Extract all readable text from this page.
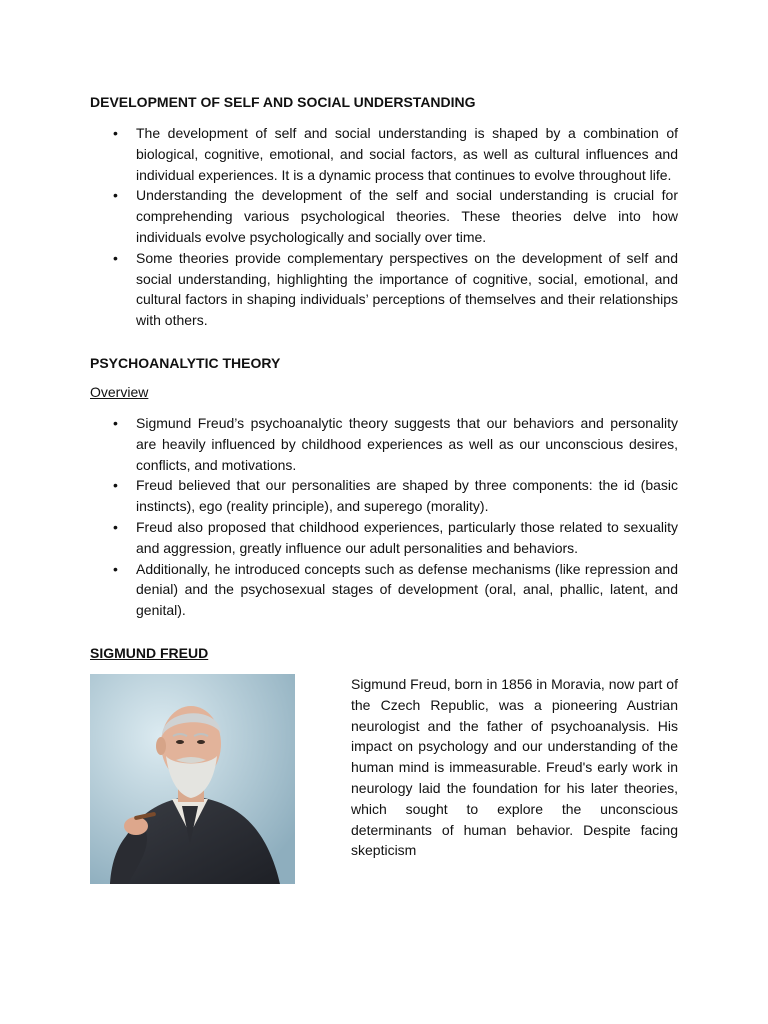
DEVELOPMENT OF SELF AND SOCIAL UNDERSTANDING
• The development of self and social understanding is shaped by a combination of biological, cognitive, emotional, and social factors, as well as cultural influences and individual experiences. It is a dynamic process that continues to evolve throughout life.
• Understanding the development of the self and social understanding is crucial for comprehending various psychological theories. These theories delve into how individuals evolve psychologically and socially over time.
• Some theories provide complementary perspectives on the development of self and social understanding, highlighting the importance of cognitive, social, emotional, and cultural factors in shaping individuals’ perceptions of themselves and their relationships with others.
PSYCHOANALYTIC THEORY

Overview

• Sigmund Freud’s psychoanalytic theory suggests that our behaviors and personality are heavily influenced by childhood experiences as well as our unconscious desires, conflicts, and motivations.
• Freud believed that our personalities are shaped by three components: the id (basic instincts), ego (reality principle), and superego (morality).
• Freud also proposed that childhood experiences, particularly those related to sexuality and aggression, greatly influence our adult personalities and behaviors.
• Additionally, he introduced concepts such as defense mechanisms (like repression and denial) and the psychosexual stages of development (oral, anal, phallic, latent, and genital).
SIGMUND FREUD

Sigmund Freud, born in 1856 in Moravia, now part of the Czech Republic, was a pioneering Austrian neurologist and the father of psychoanalysis. His impact on psychology and our understanding of the human mind is immeasurable. Freud's early work in neurology laid the foundation for his later theories, which sought to explore the unconscious determinants of human behavior. Despite facing skepticism
